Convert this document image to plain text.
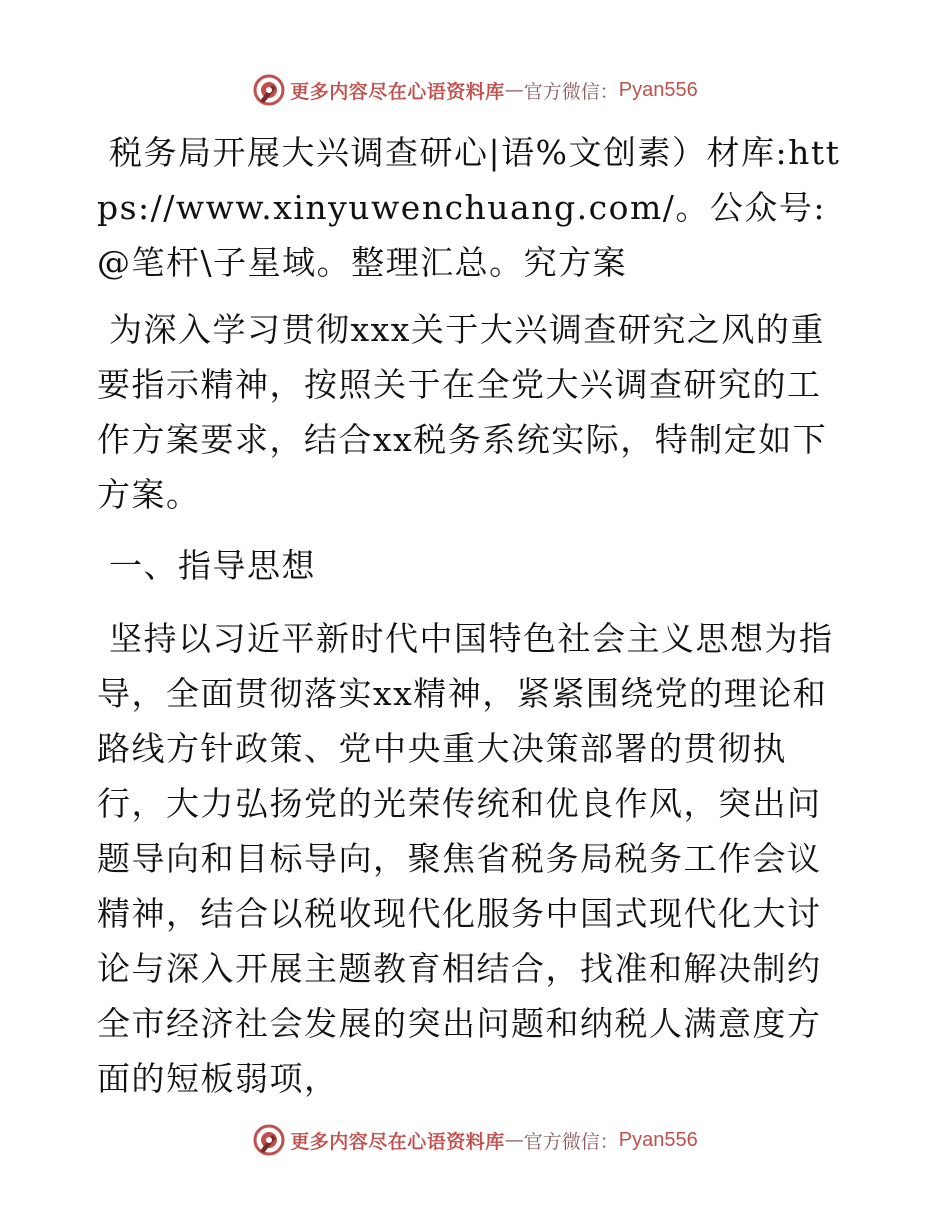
更多内容尽在心语资料库 — 官方微信： Pyan556

税务局开展大兴调查研心|语%文创素）材库:https://www.xinyuwenchuang.com/。公众号:@笔杆\子星域。整理汇总。究方案

为深入学习贯彻xxx关于大兴调查研究之风的重要指示精神，按照关于在全党大兴调查研究的工作方案要求，结合xx税务系统实际，特制定如下方案。

一、指导思想

坚持以习近平新时代中国特色社会主义思想为指导，全面贯彻落实xx精神，紧紧围绕党的理论和路线方针政策、党中央重大决策部署的贯彻执行，大力弘扬党的光荣传统和优良作风，突出问题导向和目标导向，聚焦省税务局税务工作会议精神，结合以税收现代化服务中国式现代化大讨论与深入开展主题教育相结合，找准和解决制约全市经济社会发展的突出问题和纳税人满意度方面的短板弱项，

更多内容尽在心语资料库 — 官方微信： Pyan556
